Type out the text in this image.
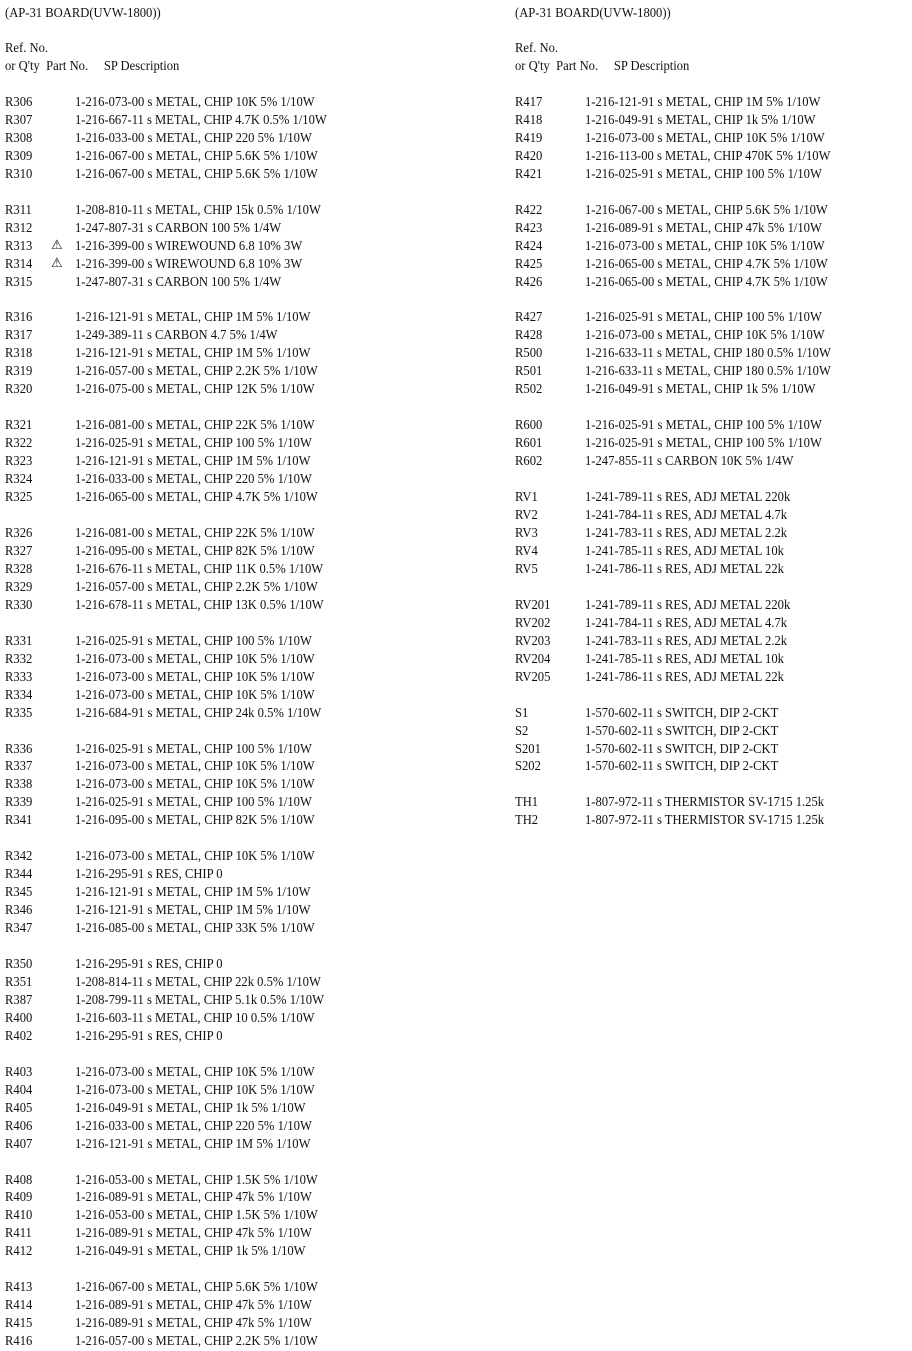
(AP-31 BOARD(UVW-1800))
Ref. No.
or Q'ty  Part No.     SP Description
R306	1-216-073-00 s METAL, CHIP 10K 5% 1/10W
R307	1-216-667-11 s METAL, CHIP 4.7K 0.5% 1/10W
R308	1-216-033-00 s METAL, CHIP 220 5% 1/10W
R309	1-216-067-00 s METAL, CHIP 5.6K 5% 1/10W
R310	1-216-067-00 s METAL, CHIP 5.6K 5% 1/10W
R311	1-208-810-11 s METAL, CHIP 15k 0.5% 1/10W
R312	1-247-807-31 s CARBON 100 5% 1/4W
R313 ⚠ 1-216-399-00 s WIREWOUND 6.8 10% 3W
R314 ⚠ 1-216-399-00 s WIREWOUND 6.8 10% 3W
R315	1-247-807-31 s CARBON 100 5% 1/4W
R316	1-216-121-91 s METAL, CHIP 1M 5% 1/10W
R317	1-249-389-11 s CARBON 4.7 5% 1/4W
R318	1-216-121-91 s METAL, CHIP 1M 5% 1/10W
R319	1-216-057-00 s METAL, CHIP 2.2K 5% 1/10W
R320	1-216-075-00 s METAL, CHIP 12K 5% 1/10W
R321	1-216-081-00 s METAL, CHIP 22K 5% 1/10W
R322	1-216-025-91 s METAL, CHIP 100 5% 1/10W
R323	1-216-121-91 s METAL, CHIP 1M 5% 1/10W
R324	1-216-033-00 s METAL, CHIP 220 5% 1/10W
R325	1-216-065-00 s METAL, CHIP 4.7K 5% 1/10W
R326	1-216-081-00 s METAL, CHIP 22K 5% 1/10W
R327	1-216-095-00 s METAL, CHIP 82K 5% 1/10W
R328	1-216-676-11 s METAL, CHIP 11K 0.5% 1/10W
R329	1-216-057-00 s METAL, CHIP 2.2K 5% 1/10W
R330	1-216-678-11 s METAL, CHIP 13K 0.5% 1/10W
R331	1-216-025-91 s METAL, CHIP 100 5% 1/10W
R332	1-216-073-00 s METAL, CHIP 10K 5% 1/10W
R333	1-216-073-00 s METAL, CHIP 10K 5% 1/10W
R334	1-216-073-00 s METAL, CHIP 10K 5% 1/10W
R335	1-216-684-91 s METAL, CHIP 24k 0.5% 1/10W
R336	1-216-025-91 s METAL, CHIP 100 5% 1/10W
R337	1-216-073-00 s METAL, CHIP 10K 5% 1/10W
R338	1-216-073-00 s METAL, CHIP 10K 5% 1/10W
R339	1-216-025-91 s METAL, CHIP 100 5% 1/10W
R341	1-216-095-00 s METAL, CHIP 82K 5% 1/10W
R342	1-216-073-00 s METAL, CHIP 10K 5% 1/10W
R344	1-216-295-91 s RES, CHIP 0
R345	1-216-121-91 s METAL, CHIP 1M 5% 1/10W
R346	1-216-121-91 s METAL, CHIP 1M 5% 1/10W
R347	1-216-085-00 s METAL, CHIP 33K 5% 1/10W
R350	1-216-295-91 s RES, CHIP 0
R351	1-208-814-11 s METAL, CHIP 22k 0.5% 1/10W
R387	1-208-799-11 s METAL, CHIP 5.1k 0.5% 1/10W
R400	1-216-603-11 s METAL, CHIP 10 0.5% 1/10W
R402	1-216-295-91 s RES, CHIP 0
R403	1-216-073-00 s METAL, CHIP 10K 5% 1/10W
R404	1-216-073-00 s METAL, CHIP 10K 5% 1/10W
R405	1-216-049-91 s METAL, CHIP 1k 5% 1/10W
R406	1-216-033-00 s METAL, CHIP 220 5% 1/10W
R407	1-216-121-91 s METAL, CHIP 1M 5% 1/10W
R408	1-216-053-00 s METAL, CHIP 1.5K 5% 1/10W
R409	1-216-089-91 s METAL, CHIP 47k 5% 1/10W
R410	1-216-053-00 s METAL, CHIP 1.5K 5% 1/10W
R411	1-216-089-91 s METAL, CHIP 47k 5% 1/10W
R412	1-216-049-91 s METAL, CHIP 1k 5% 1/10W
R413	1-216-067-00 s METAL, CHIP 5.6K 5% 1/10W
R414	1-216-089-91 s METAL, CHIP 47k 5% 1/10W
R415	1-216-089-91 s METAL, CHIP 47k 5% 1/10W
R416	1-216-057-00 s METAL, CHIP 2.2K 5% 1/10W
(AP-31 BOARD(UVW-1800))
Ref. No.
or Q'ty  Part No.     SP Description
R417	1-216-121-91 s METAL, CHIP 1M 5% 1/10W
R418	1-216-049-91 s METAL, CHIP 1k 5% 1/10W
R419	1-216-073-00 s METAL, CHIP 10K 5% 1/10W
R420	1-216-113-00 s METAL, CHIP 470K 5% 1/10W
R421	1-216-025-91 s METAL, CHIP 100 5% 1/10W
R422	1-216-067-00 s METAL, CHIP 5.6K 5% 1/10W
R423	1-216-089-91 s METAL, CHIP 47k 5% 1/10W
R424	1-216-073-00 s METAL, CHIP 10K 5% 1/10W
R425	1-216-065-00 s METAL, CHIP 4.7K 5% 1/10W
R426	1-216-065-00 s METAL, CHIP 4.7K 5% 1/10W
R427	1-216-025-91 s METAL, CHIP 100 5% 1/10W
R428	1-216-073-00 s METAL, CHIP 10K 5% 1/10W
R500	1-216-633-11 s METAL, CHIP 180 0.5% 1/10W
R501	1-216-633-11 s METAL, CHIP 180 0.5% 1/10W
R502	1-216-049-91 s METAL, CHIP 1k 5% 1/10W
R600	1-216-025-91 s METAL, CHIP 100 5% 1/10W
R601	1-216-025-91 s METAL, CHIP 100 5% 1/10W
R602	1-247-855-11 s CARBON 10K 5% 1/4W
RV1	1-241-789-11 s RES, ADJ METAL 220k
RV2	1-241-784-11 s RES, ADJ METAL 4.7k
RV3	1-241-783-11 s RES, ADJ METAL 2.2k
RV4	1-241-785-11 s RES, ADJ METAL 10k
RV5	1-241-786-11 s RES, ADJ METAL 22k
RV201 1-241-789-11 s RES, ADJ METAL 220k
RV202 1-241-784-11 s RES, ADJ METAL 4.7k
RV203 1-241-783-11 s RES, ADJ METAL 2.2k
RV204 1-241-785-11 s RES, ADJ METAL 10k
RV205 1-241-786-11 s RES, ADJ METAL 22k
S1	1-570-602-11 s SWITCH, DIP 2-CKT
S2	1-570-602-11 s SWITCH, DIP 2-CKT
S201	1-570-602-11 s SWITCH, DIP 2-CKT
S202	1-570-602-11 s SWITCH, DIP 2-CKT
TH1	1-807-972-11 s THERMISTOR SV-1715 1.25k
TH2	1-807-972-11 s THERMISTOR SV-1715 1.25k
